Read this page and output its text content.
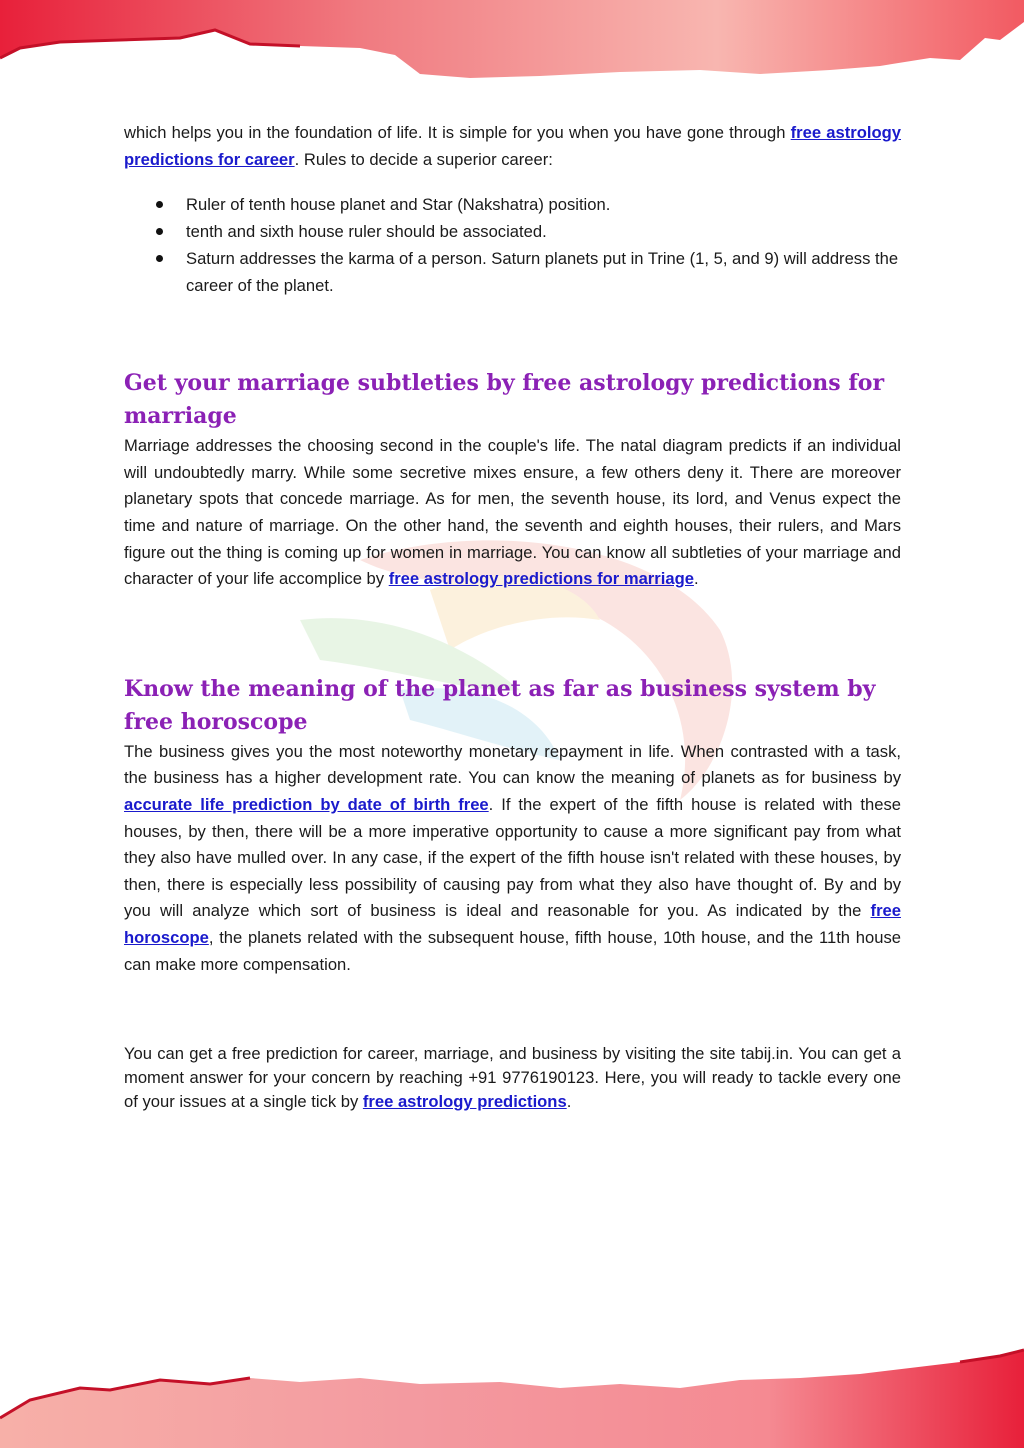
which helps you in the foundation of life. It is simple for you when you have gone through free astrology predictions for career. Rules to decide a superior career:

Ruler of tenth house planet and Star (Nakshatra) position.
tenth and sixth house ruler should be associated.
Saturn addresses the karma of a person. Saturn planets put in Trine (1, 5, and 9) will address the career of the planet.
Get your marriage subtleties by free astrology predictions for marriage

Marriage addresses the choosing second in the couple's life. The natal diagram predicts if an individual will undoubtedly marry. While some secretive mixes ensure, a few others deny it. There are moreover planetary spots that concede marriage. As for men, the seventh house, its lord, and Venus expect the time and nature of marriage. On the other hand, the seventh and eighth houses, their rulers, and Mars figure out the thing is coming up for women in marriage. You can know all subtleties of your marriage and character of your life accomplice by free astrology predictions for marriage.

Know the meaning of the planet as far as business system by free horoscope

The business gives you the most noteworthy monetary repayment in life. When contrasted with a task, the business has a higher development rate. You can know the meaning of planets as for business by accurate life prediction by date of birth free. If the expert of the fifth house is related with these houses, by then, there will be a more imperative opportunity to cause a more significant pay from what they also have mulled over. In any case, if the expert of the fifth house isn't related with these houses, by then, there is especially less possibility of causing pay from what they also have thought of. By and by you will analyze which sort of business is ideal and reasonable for you. As indicated by the free horoscope, the planets related with the subsequent house, fifth house, 10th house, and the 11th house can make more compensation.

You can get a free prediction for career, marriage, and business by visiting the site tabij.in. You can get a moment answer for your concern by reaching +91 9776190123. Here, you will ready to tackle every one of your issues at a single tick by free astrology predictions.
